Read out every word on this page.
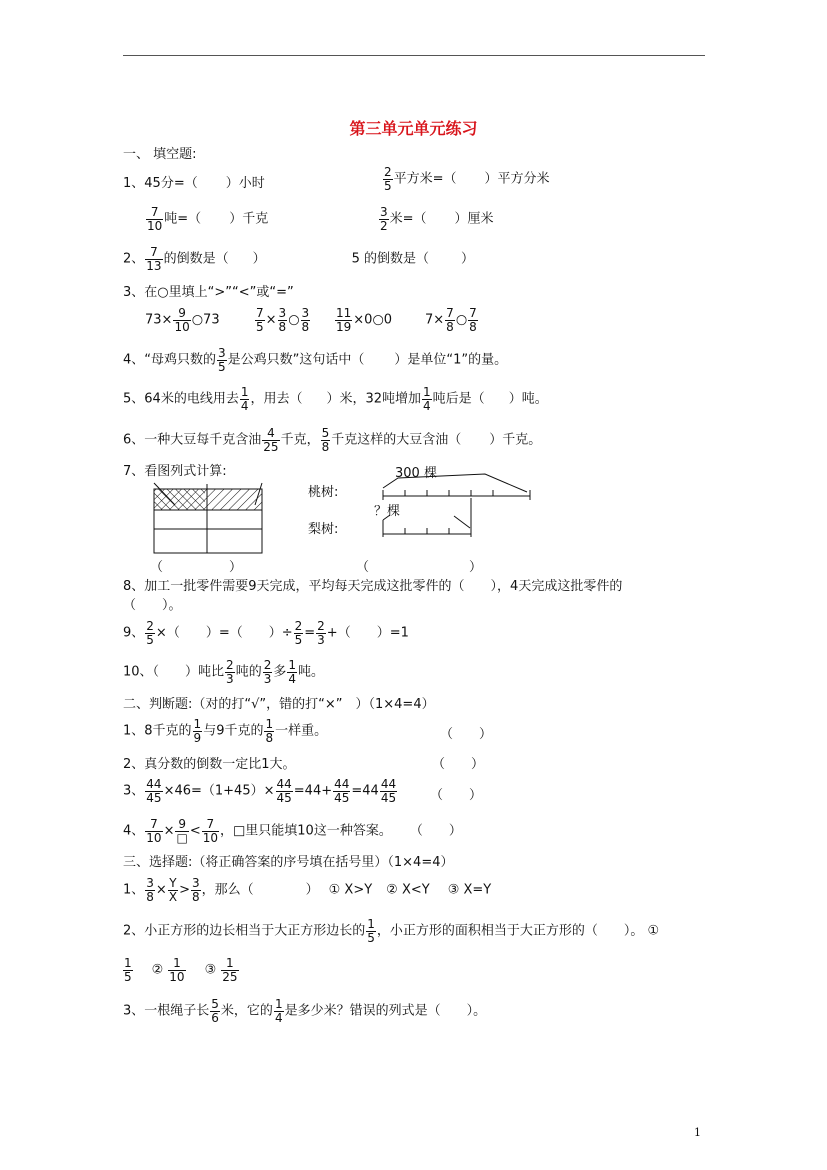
第三单元单元练习
一、 填空题:
1、45分=（ ）小时	$\frac{2}{5}$ 平方米=（ ）平方分米
$\frac{7}{10}$ 吨=（ ）千克	$\frac{3}{2}$ 米=（ ）厘米
2、 $\frac{7}{13}$ 的倒数是（ ）	5 的倒数是（ ）
3、在○里填上“>”“<”或“=”
$73\times \frac{9}{10}$ ○73	$\frac{7}{5} \times \frac{3}{8}$ ○ $\frac{3}{8} \frac{11}{19}$ ×0○0	$7\times \frac{7}{8}$ ○ $\frac{7}{8}$
4、“母鸡只数的 $\frac{3}{5}$ 是公鸡只数”这句话中（ ）是单位“1”的量。
5、64米的电线用去 $\frac{1}{4}$ ，用去（ ）米，32吨增加 $\frac{1}{4}$ 吨后是（ ）吨。
6、一种大豆每千克含油 $\frac{4}{25}$ 千克， $\frac{5}{8}$ 千克这样的大豆含油（ ）千克。
7、看图列式计算:	300 棵
桃树:
？棵
梨树:
（	）	（	）
8、加工一批零件需要9天完成，平均每天完成这批零件的（　　），4天完成这批零件的
（　　）。
9、 $\frac{2}{5}$ ×（　　）=（　　）÷ $\frac{2}{5} = \frac{2}{3}$ +（　　）=1
10、（　　）吨比 $\frac{2}{3}$ 吨的 $\frac{2}{3}$ 多 $\frac{1}{4}$ 吨。
二、判断题:（对的打“√”，错的打“×”　）（1×4=4）
1、8千克的 $\frac{1}{9}$ 与9千克的 $\frac{1}{8}$ 一样重。	（　　）
2、真分数的倒数一定比1大。	（　　）
3、 $\frac{44}{45} \times 46=(1+45)\times \frac{44}{45} =44+ \frac{44}{45} =44 \frac{44}{45}$	（　　）
4、 $\frac{7}{10} \times 9$
□ < $\frac{7}{10}$ ，□里只能填10这一种答案。 （　　）
三、选择题:（将正确答案的序号填在括号里）（1×4=4）
1、 $\frac{3}{8} \times \frac{Y}{X} > \frac{3}{8}$ ，那么（　　　　） ① X>Y ② X<Y ③ X=Y
2、小正方形的边长相当于大正方形边长的 $\frac{1}{5}$ ，小正方形的面积相当于大正方形的（　　）。 ①
$\frac{1}{5}$ ② $\frac{1}{10}$ ③ $\frac{1}{25}$
3、一根绳子长 $\frac{5}{6}$ 米，它的 $\frac{1}{4}$ 是多少米？错误的列式是（　　）。
1
